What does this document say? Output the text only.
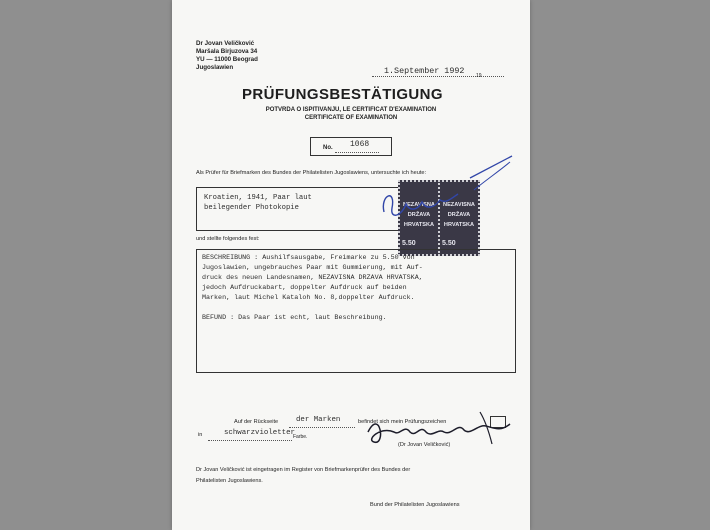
Dr Jovan Veličković
Maršala Birjuzova 34
YU — 11000 Beograd
Jugoslawien	1.September 1992 19
PRÜFUNGSBESTÄTIGUNG
POTVRDA O ISPITIVANJU, LE CERTIFICAT D'EXAMINATION
CERTIFICATE OF EXAMINATION
No. 1068
Als Prüfer für Briefmarken des Bundes der Philatelisten Jugoslawiens, untersuchte ich heute:
Kroatien, 1941, Paar laut
beilegender Photokopie	NEZAVISNA
DRŽAVA
HRVATSKA
5.50
NEZAVISNA
DRŽAVA
HRVATSKA
5.50
und stellte folgendes fest:
BESCHREIBUNG : Aushilfsausgabe, Freimarke zu 5.50 von
Jugoslawien, ungebrauches Paar mit Gummierung, mit Auf-
druck des neuen Landesnamen, NEZAVISNA DRZAVA HRVATSKA,
jedoch Aufdruckabart, doppelter Aufdruck auf beiden
Marken, laut Michel Kataloh No. 8,doppelter Aufdruck.
BEFUND : Das Paar ist echt, laut Beschreibung.
Auf der Rückseite der Marken	befindet sich mein Prüfungszeichen
in	schwarzvioletter
Farbe.
(Dr Jovan Veličković)
Dr Jovan Veličković ist eingetragen im Register von Briefmarkenprüfer des Bundes der
Philatelisten Jugoslawiens.
Bund der Philatelisten Jugoslawiens
